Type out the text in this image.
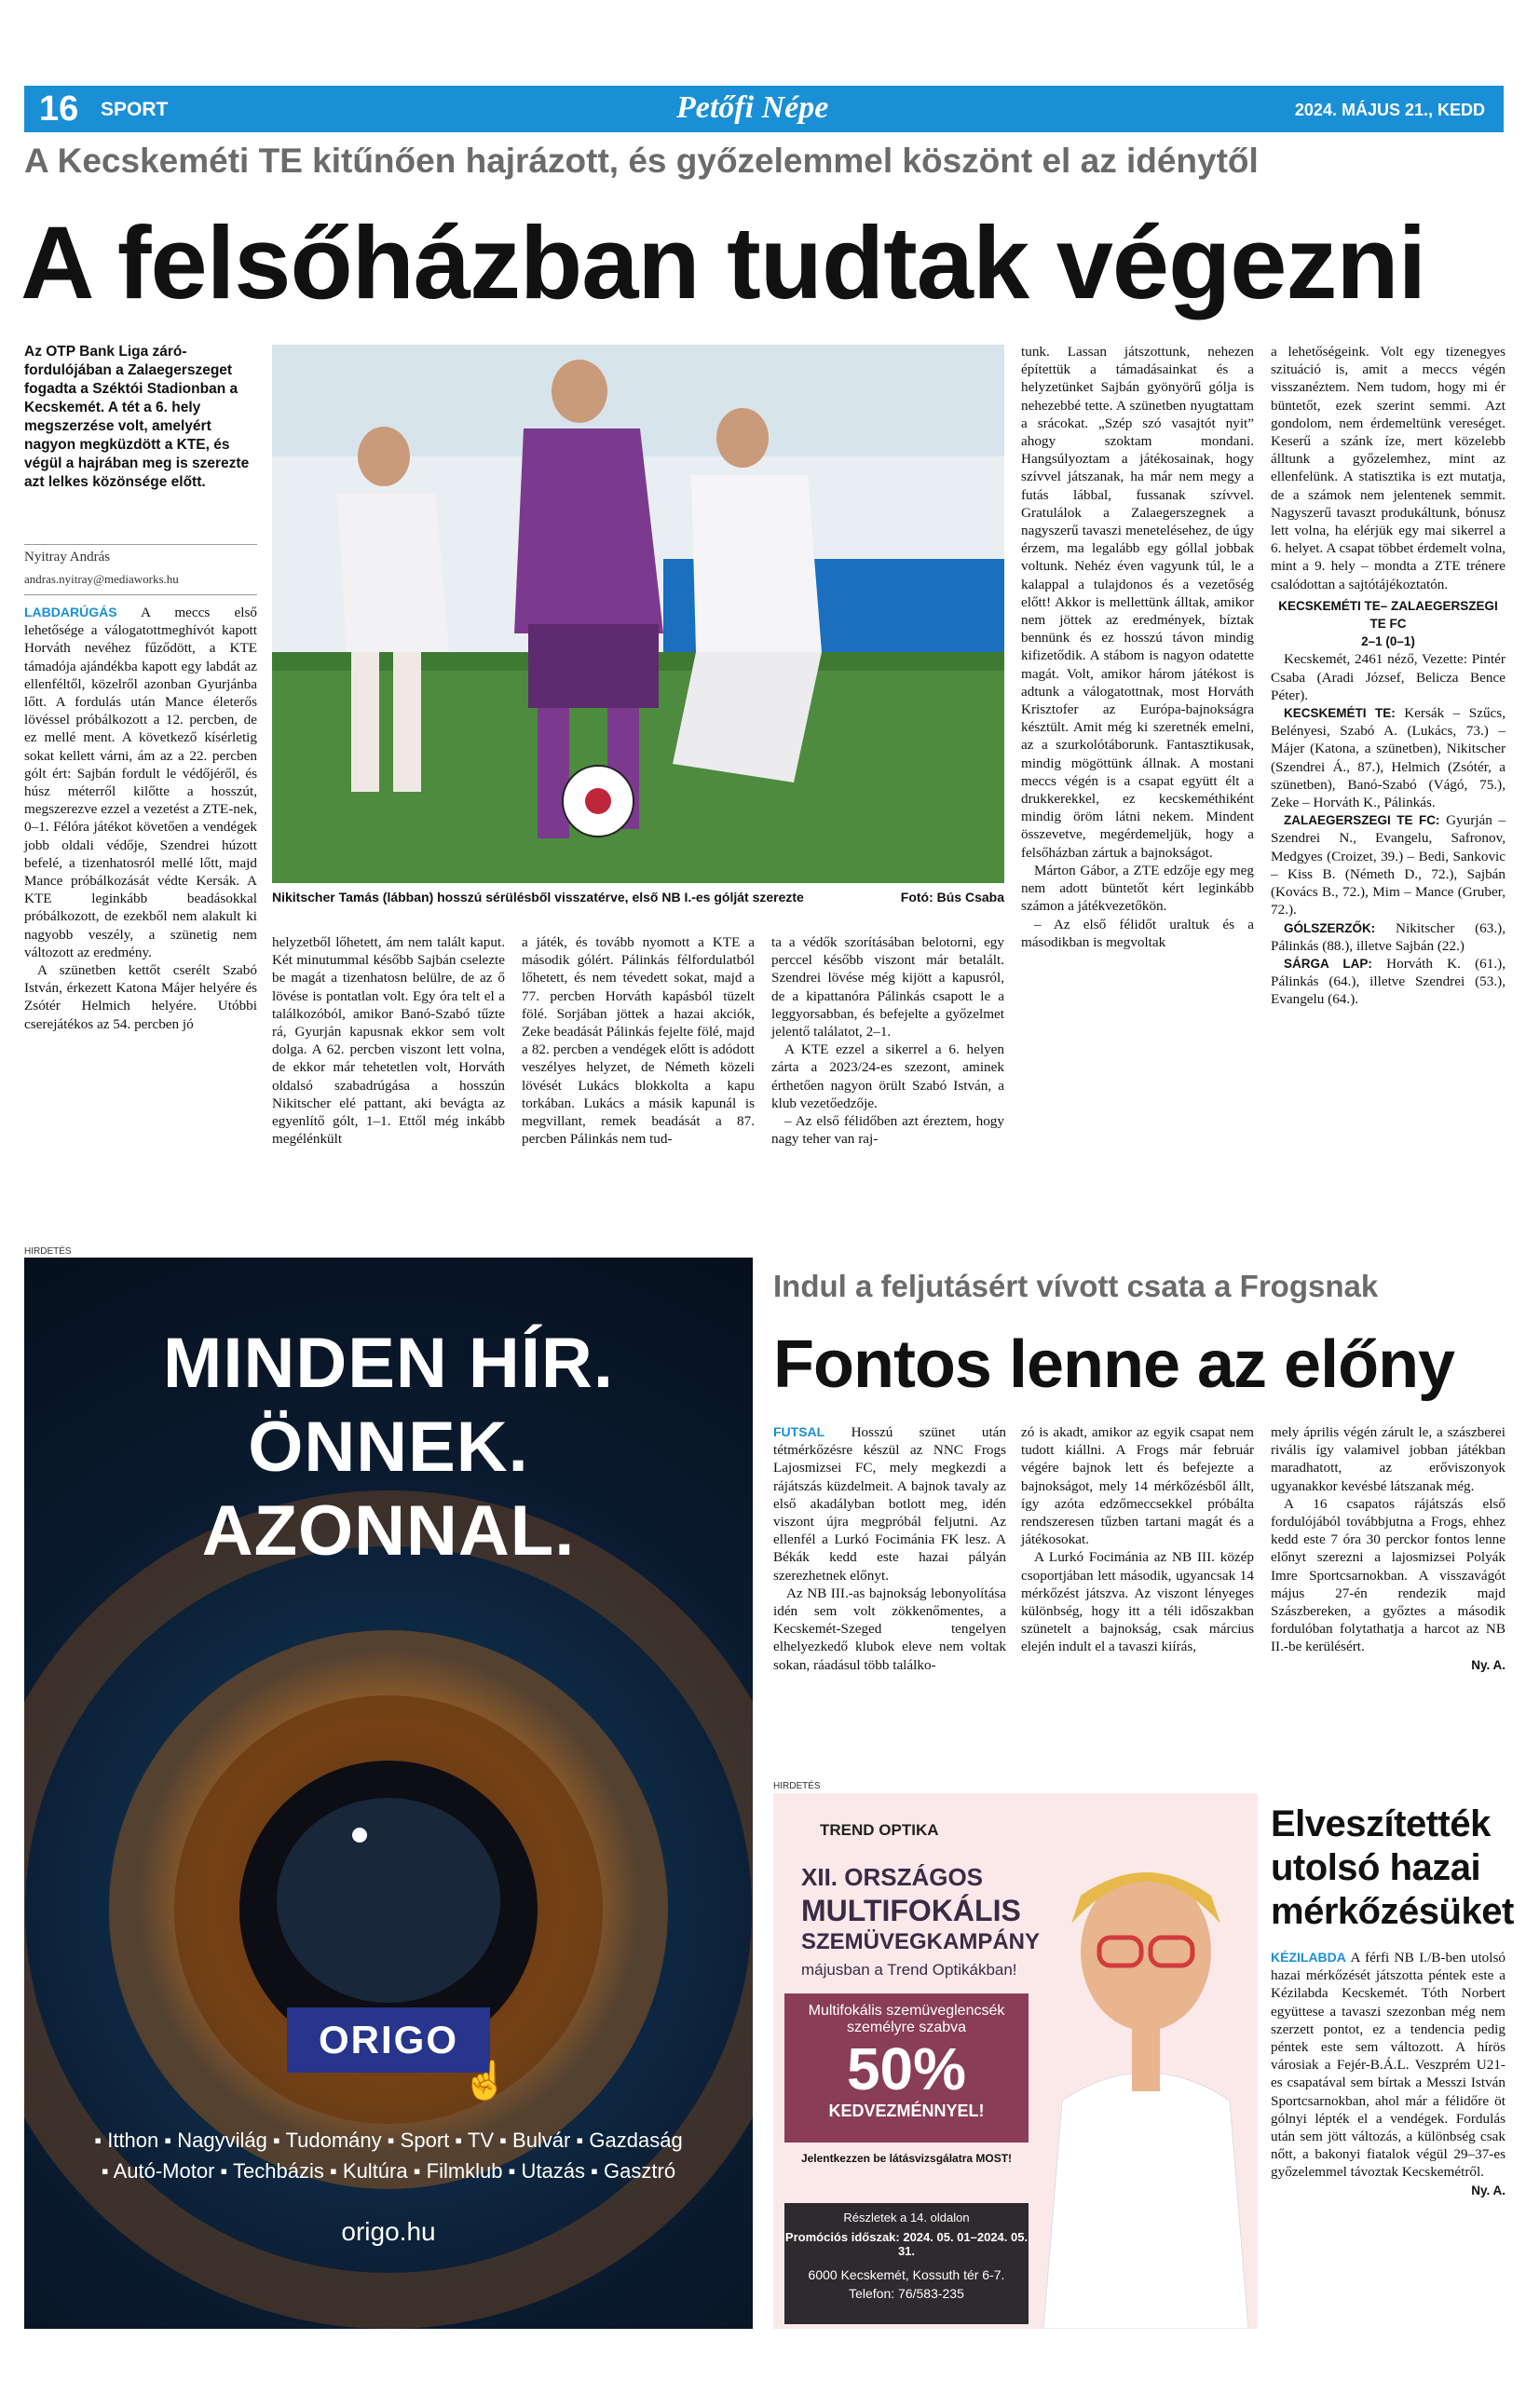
16 SPORT	Petőfi Népe	2024. MÁJUS 21., KEDD
A Kecskeméti TE kitűnően hajrázott, és győzelemmel köszönt el az idénytől
A felsőházban tudtak végezni
Az OTP Bank Liga záró-fordulójában a Zalaegerszeget fogadta a Széktói Stadionban a Kecskemét. A tét a 6. hely megszerzése volt, amelyért nagyon megküzdött a KTE, és végül a hajrában meg is szerezte azt lelkes közönsége előtt.
Nyitray András
andras.nyitray@mediaworks.hu
Nikitscher Tamás (lábban) hosszú sérülésből visszatérve, első NB I.-es gólját szerezte	Fotó: Bús Csaba

LABDARÚGÁS A meccs első lehetősége a válogatottmeghívót kapott Horváth nevéhez fűződött, a KTE támadója ajándékba kapott egy labdát az ellenféltől, közelről azonban Gyurjánba lőtt. A fordulás után Mance életerős lövéssel próbálkozott a 12. percben, de ez mellé ment. A következő kísérletig sokat kellett várni, ám az a 22. percben gólt ért: Sajbán fordult le védőjéről, és húsz méterről kilőtte a hosszút, megszerezve ezzel a vezetést a ZTE-nek, 0–1. Félóra játékot követően a vendégek jobb oldali védője, Szendrei húzott befelé, a tizenhatosról mellé lőtt, majd Mance próbálkozását védte Kersák. A KTE leginkább beadásokkal próbálkozott, de ezekből nem alakult ki nagyobb veszély, a szünetig nem változott az eredmény.

A szünetben kettőt cserélt Szabó István, érkezett Katona Májer helyére és Zsótér Helmich helyére. Utóbbi cserejátékos az 54. percben jó

helyzetből lőhetett, ám nem talált kaput. Két minutummal később Sajbán cselezte be magát a tizenhatosn belülre, de az ő lövése is pontatlan volt. Egy óra telt el a találkozóból, amikor Banó-Szabó tűzte rá, Gyurján kapusnak ekkor sem volt dolga. A 62. percben viszont lett volna, de ekkor már tehetetlen volt, Horváth oldalsó szabadrúgása a hosszún Nikitscher elé pattant, aki bevágta az egyenlítő gólt, 1–1. Ettől még inkább megélénkült

a játék, és tovább nyomott a KTE a második gólért. Pálinkás félfordulatból lőhetett, és nem tévedett sokat, majd a 77. percben Horváth kapásból tüzelt fölé. Sorjában jöttek a hazai akciók, Zeke beadását Pálinkás fejelte fölé, majd a 82. percben a vendégek előtt is adódott veszélyes helyzet, de Németh közeli lövését Lukács blokkolta a kapu torkában. Lukács a másik kapunál is megvillant, remek beadását a 87. percben Pálinkás nem tud-

ta a védők szorításában belotorni, egy perccel később viszont már betalált. Szendrei lövése még kijött a kapusról, de a kipattanóra Pálinkás csapott le a leggyorsabban, és befejelte a győzelmet jelentő találatot, 2–1.

A KTE ezzel a sikerrel a 6. helyen zárta a 2023/24-es szezont, aminek érthetően nagyon örült Szabó István, a klub vezetőedzője.

– Az első félidőben azt éreztem, hogy nagy teher van raj-

tunk. Lassan játszottunk, nehezen építettük a támadásainkat és a helyzetünket Sajbán gyönyörű gólja is nehezebbé tette. A szünetben nyugtattam a srácokat. „Szép szó vasajtót nyit” ahogy szoktam mondani. Hangsúlyoztam a játékosainak, hogy szívvel játszanak, ha már nem megy a futás lábbal, fussanak szívvel. Gratulálok a Zalaegerszegnek a nagyszerű tavaszi menetelésehez, de úgy érzem, ma legalább egy góllal jobbak voltunk. Nehéz éven vagyunk túl, le a kalappal a tulajdonos és a vezetőség előtt! Akkor is mellettünk álltak, amikor nem jöttek az eredmények, bíztak bennünk és ez hosszú távon mindig kifizetődik. A stábom is nagyon odatette magát. Volt, amikor három játékost is adtunk a válogatottnak, most Horváth Krisztofer az Európa-bajnokságra késztült. Amit még ki szeretnék emelni, az a szurkolótáborunk. Fantasztikusak, mindig mögöttünk állnak. A mostani meccs végén is a csapat együtt élt a drukkerekkel, ez kecskeméthiként mindig öröm látni nekem. Mindent összevetve, megérdemeljük, hogy a felsőházban zártuk a bajnokságot.

Márton Gábor, a ZTE edzője egy meg nem adott büntetőt kért leginkább számon a játékvezetőkön.

– Az első félidőt uraltuk és a másodikban is megvoltak

a lehetőségeink. Volt egy tizenegyes szituáció is, amit a meccs végén visszanéztem. Nem tudom, hogy mi ér büntetőt, ezek szerint semmi. Azt gondolom, nem érdemeltünk vereséget. Keserű a szánk íze, mert közelebb álltunk a győzelemhez, mint az ellenfelünk. A statisztika is ezt mutatja, de a számok nem jelentenek semmit. Nagyszerű tavaszt produkáltunk, bónusz lett volna, ha elérjük egy mai sikerrel a 6. helyet. A csapat többet érdemelt volna, mint a 9. hely – mondta a ZTE trénere csalódottan a sajtótájékoztatón.

KECSKEMÉTI TE– ZALAEGERSZEGI TE FC
2–1 (0–1)

Kecskemét, 2461 néző, Vezette: Pintér Csaba (Aradi József, Belicza Bence Péter).

KECSKEMÉTI TE: Kersák – Szűcs, Belényesi, Szabó A. (Lukács, 73.) – Májer (Katona, a szünetben), Nikitscher (Szendrei Á., 87.), Helmich (Zsótér, a szünetben), Banó-Szabó (Vágó, 75.), Zeke – Horváth K., Pálinkás.

ZALAEGERSZEGI TE FC: Gyurján – Szendrei N., Evangelu, Safronov, Medgyes (Croizet, 39.) – Bedi, Sankovic – Kiss B. (Németh D., 72.), Sajbán (Kovács B., 72.), Mim – Mance (Gruber, 72.).

GÓLSZERZŐK: Nikitscher (63.), Pálinkás (88.), illetve Sajbán (22.)

SÁRGA LAP: Horváth K. (61.), Pálinkás (64.), illetve Szendrei (53.), Evangelu (64.).

HIRDETÉS
MINDEN HÍR.
ÖNNEK.
AZONNAL.
ORIGO
☝
▪ Itthon ▪ Nagyvilág ▪ Tudomány ▪ Sport ▪ TV ▪ Bulvár ▪ Gazdaság
▪ Autó-Motor ▪ Techbázis ▪ Kultúra ▪ Filmklub ▪ Utazás ▪ Gasztró
origo.hu
Indul a feljutásért vívott csata a Frogsnak
Fontos lenne az előny

FUTSAL Hosszú szünet után tétmérkőzésre készül az NNC Frogs Lajosmizsei FC, mely megkezdi a rájátszás küzdelmeit. A bajnok tavaly az első akadályban botlott meg, idén viszont újra megpróbál feljutni. Az ellenfél a Lurkó Focimánia FK lesz. A Békák kedd este hazai pályán szerezhetnek előnyt.

Az NB III.-as bajnokság lebonyolítása idén sem volt zökkenőmentes, a Kecskemét-Szeged tengelyen elhelyezkedő klubok eleve nem voltak sokan, ráadásul több találko-

zó is akadt, amikor az egyik csapat nem tudott kiállni. A Frogs már február végére bajnok lett és befejezte a bajnokságot, mely 14 mérkőzésből állt, így azóta edzőmeccsekkel próbálta rendszeresen tűzben tartani magát és a játékosokat.

A Lurkó Focimánia az NB III. közép csoportjában lett második, ugyancsak 14 mérkőzést játszva. Az viszont lényeges különbség, hogy itt a téli időszakban szünetelt a bajnokság, csak március elején indult el a tavaszi kiírás,

mely április végén zárult le, a szászberei rivális így valamivel jobban játékban maradhatott, az erőviszonyok ugyanakkor kevésbé látszanak még.

A 16 csapatos rájátszás első fordulójából továbbjutna a Frogs, ehhez kedd este 7 óra 30 perckor fontos lenne előnyt szerezni a lajosmizsei Polyák Imre Sportcsarnokban. A visszavágót május 27-én rendezik majd Szászbereken, a győztes a második fordulóban folytathatja a harcot az NB II.-be kerülésért.

Ny. A.
HIRDETÉS
TREND OPTIKA
XII. ORSZÁGOS
MULTIFOKÁLIS
SZEMÜVEGKAMPÁNY
májusban a Trend Optikákban!
Multifokális szemüveglencsék személyre szabva
50%
KEDVEZMÉNNYEL!
Jelentkezzen be látásvizsgálatra MOST!
Részletek a 14. oldalon
Promóciós időszak: 2024. 05. 01–2024. 05. 31.
6000 Kecskemét, Kossuth tér 6-7.
Telefon: 76/583-235
Elveszítették utolsó hazai mérkőzésüket

KÉZILABDA A férfi NB I./B-ben utolsó hazai mérkőzését játszotta péntek este a Kézilabda Kecskemét. Tóth Norbert együttese a tavaszi szezonban még nem szerzett pontot, ez a tendencia pedig péntek este sem változott. A hírös városiak a Fejér-B.Á.L. Veszprém U21-es csapatával sem bírtak a Messzi István Sportcsarnokban, ahol már a félidőre öt gólnyi lépték el a vendégek. Fordulás után sem jött változás, a különbség csak nőtt, a bakonyi fiatalok végül 29–37-es győzelemmel távoztak Kecskemétről.

Ny. A.
